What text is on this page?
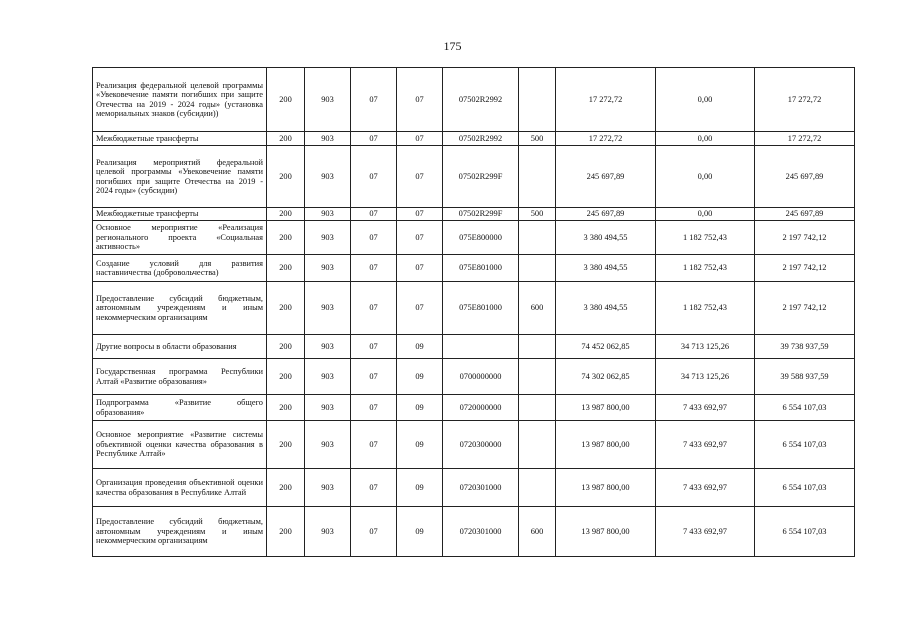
175
Реализация федеральной целевой программы «Увековечение памяти погибших при защите Отечества на 2019 - 2024 годы» (установка мемориальных знаков (субсидии))	200	903	07	07	07502R2992		17 272,72	0,00	17 272,72
Межбюджетные трансферты	200	903	07	07	07502R2992	500	17 272,72	0,00	17 272,72
Реализация мероприятий федеральной целевой программы «Увековечение памяти погибших при защите Отечества на 2019 - 2024 годы» (субсидии)	200	903	07	07	07502R299F		245 697,89	0,00	245 697,89
Межбюджетные трансферты	200	903	07	07	07502R299F	500	245 697,89	0,00	245 697,89
Основное мероприятие «Реализация регионального проекта «Социальная активность»	200	903	07	07	075E800000		3 380 494,55	1 182 752,43	2 197 742,12
Создание условий для развития наставничества (добровольчества)	200	903	07	07	075E801000		3 380 494,55	1 182 752,43	2 197 742,12
Предоставление субсидий бюджетным, автономным учреждениям и иным некоммерческим организациям	200	903	07	07	075E801000	600	3 380 494,55	1 182 752,43	2 197 742,12
Другие вопросы в области образования	200	903	07	09			74 452 062,85	34 713 125,26	39 738 937,59
Государственная программа Республики Алтай «Развитие образования»	200	903	07	09	0700000000		74 302 062,85	34 713 125,26	39 588 937,59
Подпрограмма «Развитие общего образования»	200	903	07	09	0720000000		13 987 800,00	7 433 692,97	6 554 107,03
Основное мероприятие «Развитие системы объективной оценки качества образования в Республике Алтай»	200	903	07	09	0720300000		13 987 800,00	7 433 692,97	6 554 107,03
Организация проведения объективной оценки качества образования в Республике Алтай	200	903	07	09	0720301000		13 987 800,00	7 433 692,97	6 554 107,03
Предоставление субсидий бюджетным, автономным учреждениям и иным некоммерческим организациям	200	903	07	09	0720301000	600	13 987 800,00	7 433 692,97	6 554 107,03
